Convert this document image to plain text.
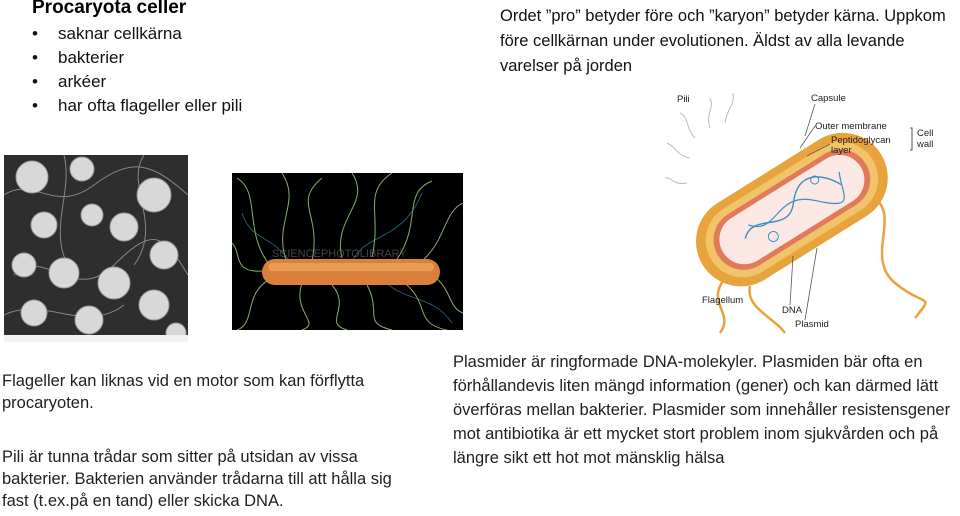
Procaryota celler
• saknar cellkärna
• bakterier
• arkéer
• har ofta flageller eller pili
Ordet ”pro” betyder före och ”karyon” betyder kärna. Uppkom före cellkärnan under evolutionen. Äldst av alla levande varelser på jorden
SCIENCEPHOTOLIBRARY
Pili	Capsule
Outer membrane
Peptidoglycan
layer
Cell
wall
Flagellum
DNA
Plasmid
Flageller kan liknas vid en motor som kan förflytta procaryoten.
Pili är tunna trådar som sitter på utsidan av vissa bakterier. Bakterien använder trådarna till att hålla sig fast (t.ex.på en tand) eller skicka DNA.
Plasmider är ringformade DNA-molekyler. Plasmiden bär ofta en förhållandevis liten mängd information (gener) och kan därmed lätt överföras mellan bakterier. Plasmider som innehåller resistensgener mot antibiotika är ett mycket stort problem inom sjukvården och på längre sikt ett hot mot mänsklig hälsa
